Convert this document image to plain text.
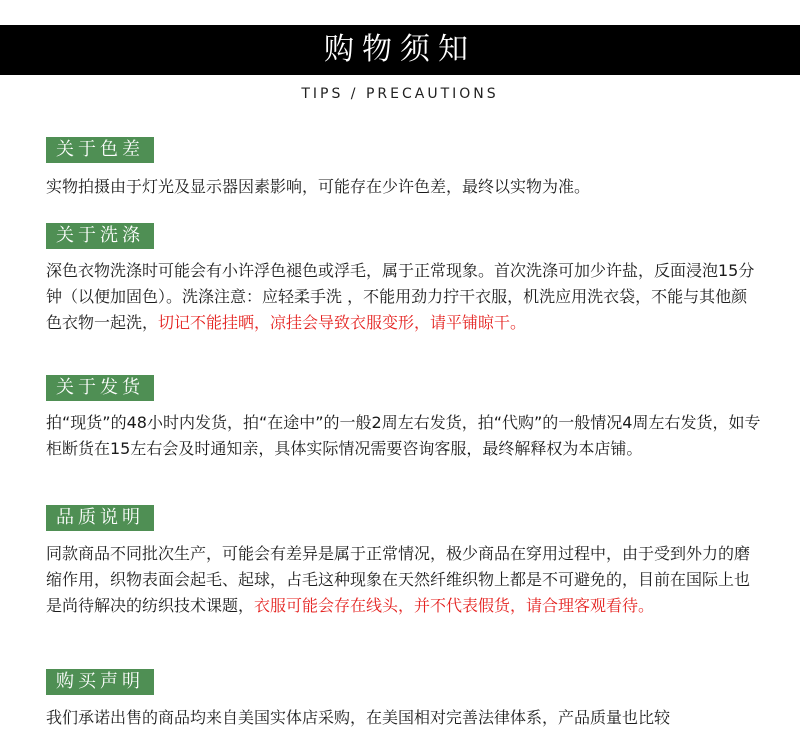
购物须知
TIPS / PRECAUTIONS
关于色差

实物拍摄由于灯光及显示器因素影响，可能存在少许色差，最终以实物为准。

关于洗涤

深色衣物洗涤时可能会有小许浮色褪色或浮毛，属于正常现象。首次洗涤可加少许盐，反面浸泡15分钟（以便加固色）。洗涤注意：应轻柔手洗 ，不能用劲力拧干衣服，机洗应用洗衣袋，不能与其他颜色衣物一起洗，切记不能挂晒，凉挂会导致衣服变形，请平铺晾干。

关于发货

拍“现货”的48小时内发货，拍“在途中”的一般2周左右发货，拍“代购”的一般情况4周左右发货，如专柜断货在15左右会及时通知亲，具体实际情况需要咨询客服，最终解释权为本店铺。

品质说明

同款商品不同批次生产，可能会有差异是属于正常情况，极少商品在穿用过程中，由于受到外力的磨缩作用，织物表面会起毛、起球，占毛这种现象在天然纤维织物上都是不可避免的，目前在国际上也是尚待解决的纺织技术课题，衣服可能会存在线头，并不代表假货，请合理客观看待。

购买声明

我们承诺出售的商品均来自美国实体店采购，在美国相对完善法律体系，产品质量也比较
